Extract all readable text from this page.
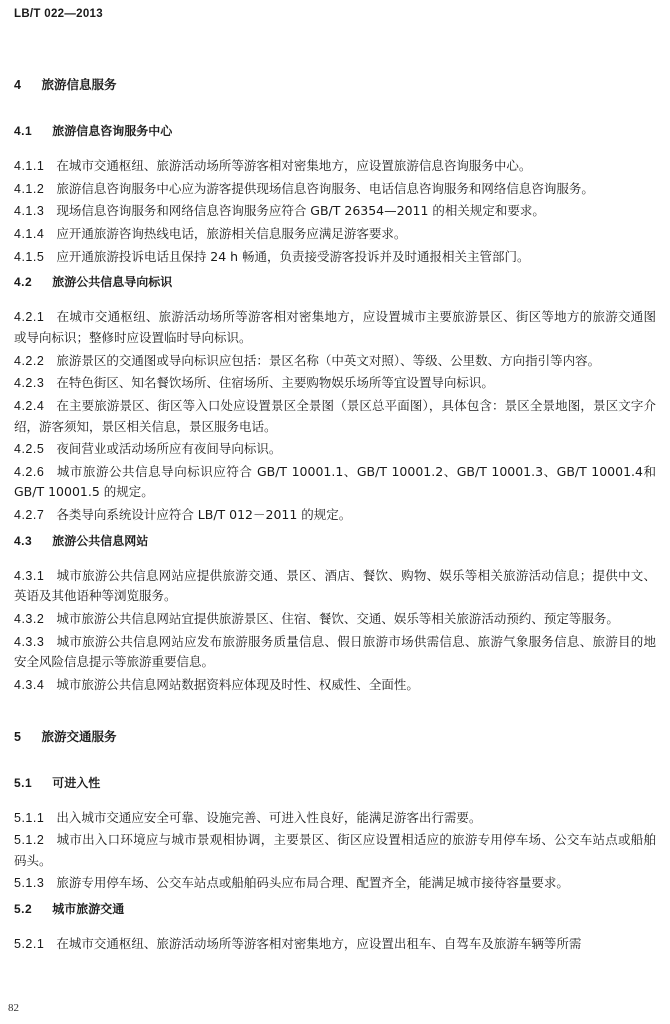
LB/T 022—2013
4 旅游信息服务
4.1 旅游信息咨询服务中心

4.1.1 在城市交通枢纽、旅游活动场所等游客相对密集地方，应设置旅游信息咨询服务中心。

4.1.2 旅游信息咨询服务中心应为游客提供现场信息咨询服务、电话信息咨询服务和网络信息咨询服务。

4.1.3 现场信息咨询服务和网络信息咨询服务应符合 GB/T 26354—2011 的相关规定和要求。

4.1.4 应开通旅游咨询热线电话，旅游相关信息服务应满足游客要求。

4.1.5 应开通旅游投诉电话且保持 24 h 畅通，负责接受游客投诉并及时通报相关主管部门。

4.2 旅游公共信息导向标识

4.2.1 在城市交通枢纽、旅游活动场所等游客相对密集地方，应设置城市主要旅游景区、街区等地方的旅游交通图或导向标识；整修时应设置临时导向标识。

4.2.2 旅游景区的交通图或导向标识应包括：景区名称（中英文对照）、等级、公里数、方向指引等内容。

4.2.3 在特色街区、知名餐饮场所、住宿场所、主要购物娱乐场所等宜设置导向标识。

4.2.4 在主要旅游景区、街区等入口处应设置景区全景图（景区总平面图），具体包含：景区全景地图，景区文字介绍，游客须知，景区相关信息，景区服务电话。

4.2.5 夜间营业或活动场所应有夜间导向标识。

4.2.6 城市旅游公共信息导向标识应符合 GB/T 10001.1、GB/T 10001.2、GB/T 10001.3、GB/T 10001.4和 GB/T 10001.5 的规定。

4.2.7 各类导向系统设计应符合 LB/T 012－2011 的规定。

4.3 旅游公共信息网站

4.3.1 城市旅游公共信息网站应提供旅游交通、景区、酒店、餐饮、购物、娱乐等相关旅游活动信息；提供中文、英语及其他语种等浏览服务。

4.3.2 城市旅游公共信息网站宜提供旅游景区、住宿、餐饮、交通、娱乐等相关旅游活动预约、预定等服务。

4.3.3 城市旅游公共信息网站应发布旅游服务质量信息、假日旅游市场供需信息、旅游气象服务信息、旅游目的地安全风险信息提示等旅游重要信息。

4.3.4 城市旅游公共信息网站数据资料应体现及时性、权威性、全面性。

5 旅游交通服务
5.1 可进入性

5.1.1 出入城市交通应安全可靠、设施完善、可进入性良好，能满足游客出行需要。

5.1.2 城市出入口环境应与城市景观相协调，主要景区、街区应设置相适应的旅游专用停车场、公交车站点或船舶码头。

5.1.3 旅游专用停车场、公交车站点或船舶码头应布局合理、配置齐全，能满足城市接待容量要求。

5.2 城市旅游交通

5.2.1 在城市交通枢纽、旅游活动场所等游客相对密集地方，应设置出租车、自驾车及旅游车辆等所需

82
